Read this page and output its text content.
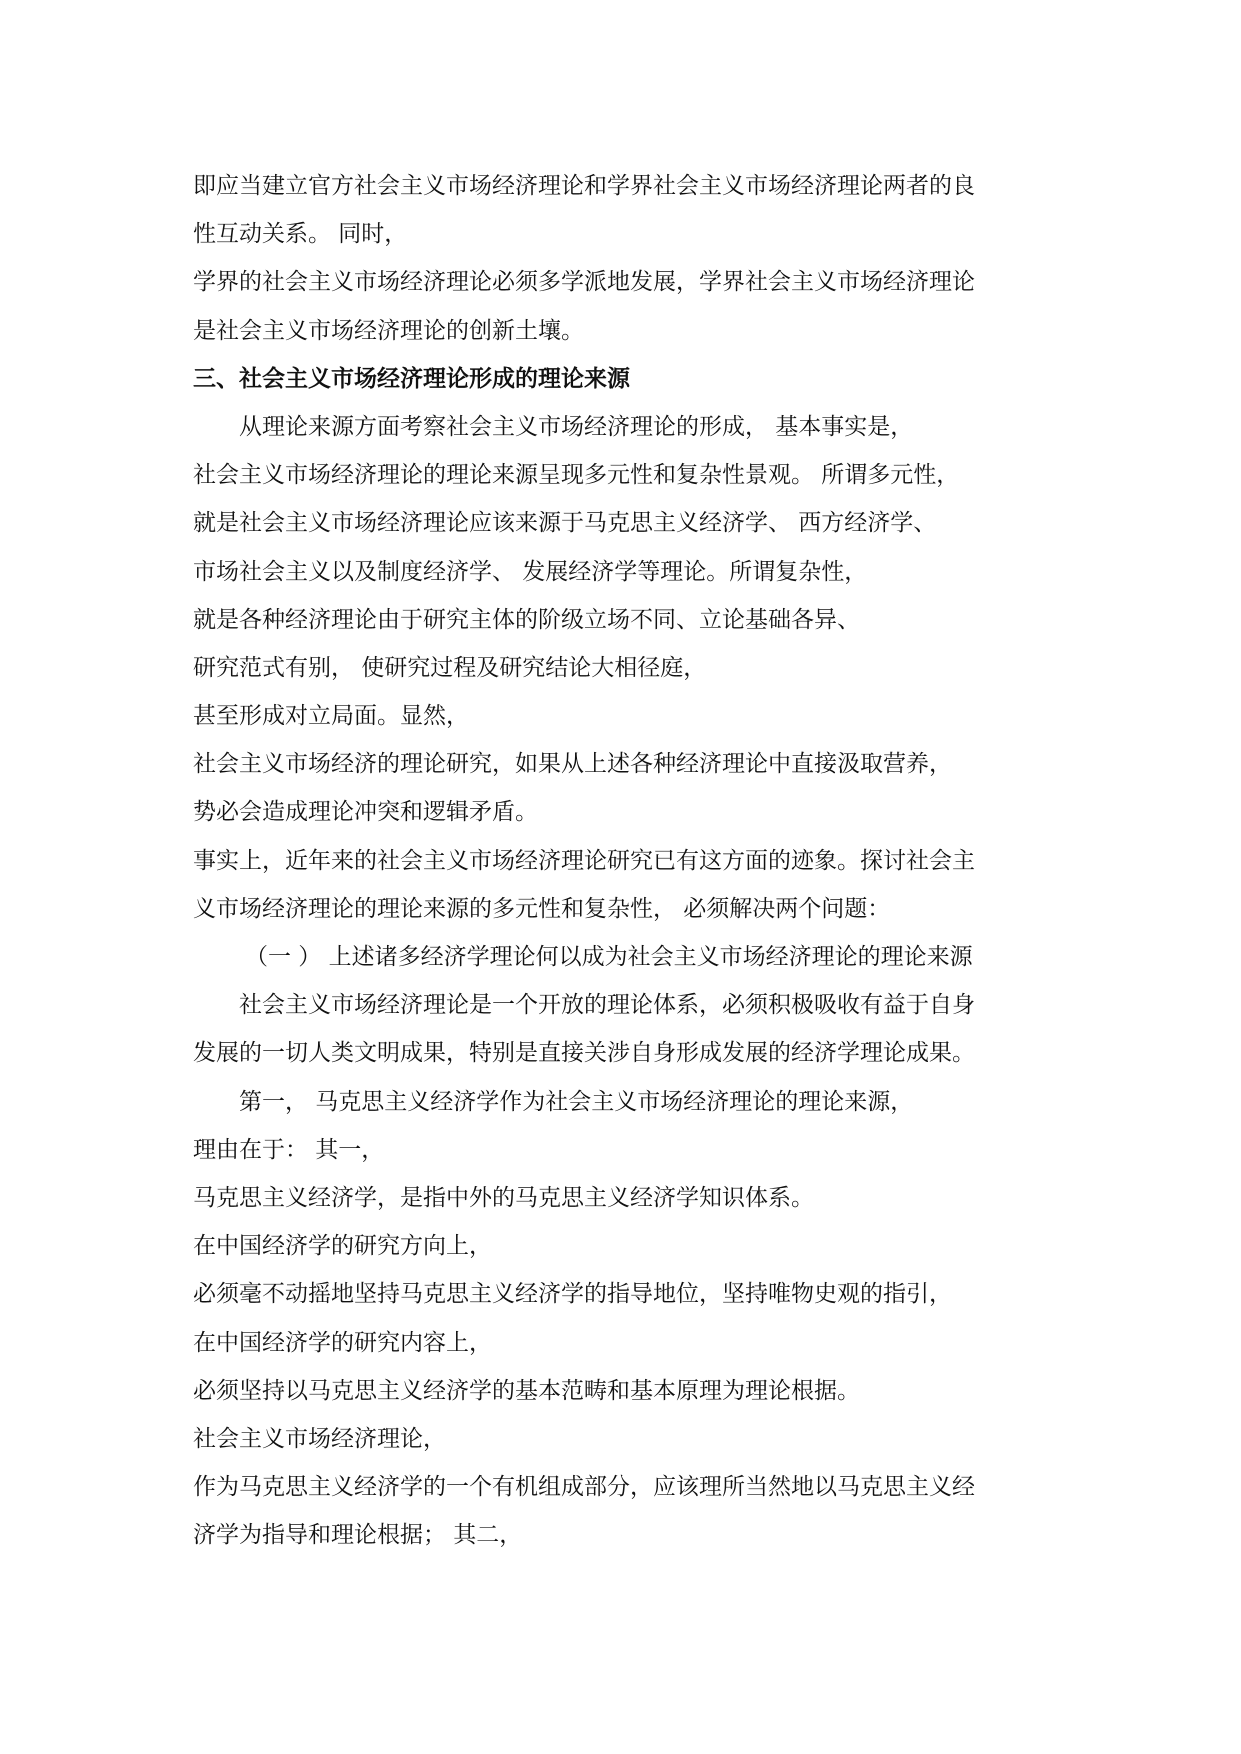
即应当建立官方社会主义市场经济理论和学界社会主义市场经济理论两者的良
性互动关系。 同时，
学界的社会主义市场经济理论必须多学派地发展，学界社会主义市场经济理论
是社会主义市场经济理论的创新土壤。
三、社会主义市场经济理论形成的理论来源
从理论来源方面考察社会主义市场经济理论的形成， 基本事实是，
社会主义市场经济理论的理论来源呈现多元性和复杂性景观。 所谓多元性，
就是社会主义市场经济理论应该来源于马克思主义经济学、 西方经济学、
市场社会主义以及制度经济学、 发展经济学等理论。所谓复杂性，
就是各种经济理论由于研究主体的阶级立场不同、立论基础各异、
研究范式有别， 使研究过程及研究结论大相径庭，
甚至形成对立局面。显然，
社会主义市场经济的理论研究，如果从上述各种经济理论中直接汲取营养，
势必会造成理论冲突和逻辑矛盾。
事实上，近年来的社会主义市场经济理论研究已有这方面的迹象。探讨社会主
义市场经济理论的理论来源的多元性和复杂性， 必须解决两个问题：
（一 ） 上述诸多经济学理论何以成为社会主义市场经济理论的理论来源
社会主义市场经济理论是一个开放的理论体系，必须积极吸收有益于自身
发展的一切人类文明成果，特别是直接关涉自身形成发展的经济学理论成果。
第一， 马克思主义经济学作为社会主义市场经济理论的理论来源，
理由在于： 其一，
马克思主义经济学，是指中外的马克思主义经济学知识体系。
在中国经济学的研究方向上，
必须毫不动摇地坚持马克思主义经济学的指导地位，坚持唯物史观的指引，
在中国经济学的研究内容上，
必须坚持以马克思主义经济学的基本范畴和基本原理为理论根据。
社会主义市场经济理论，
作为马克思主义经济学的一个有机组成部分，应该理所当然地以马克思主义经
济学为指导和理论根据； 其二，
